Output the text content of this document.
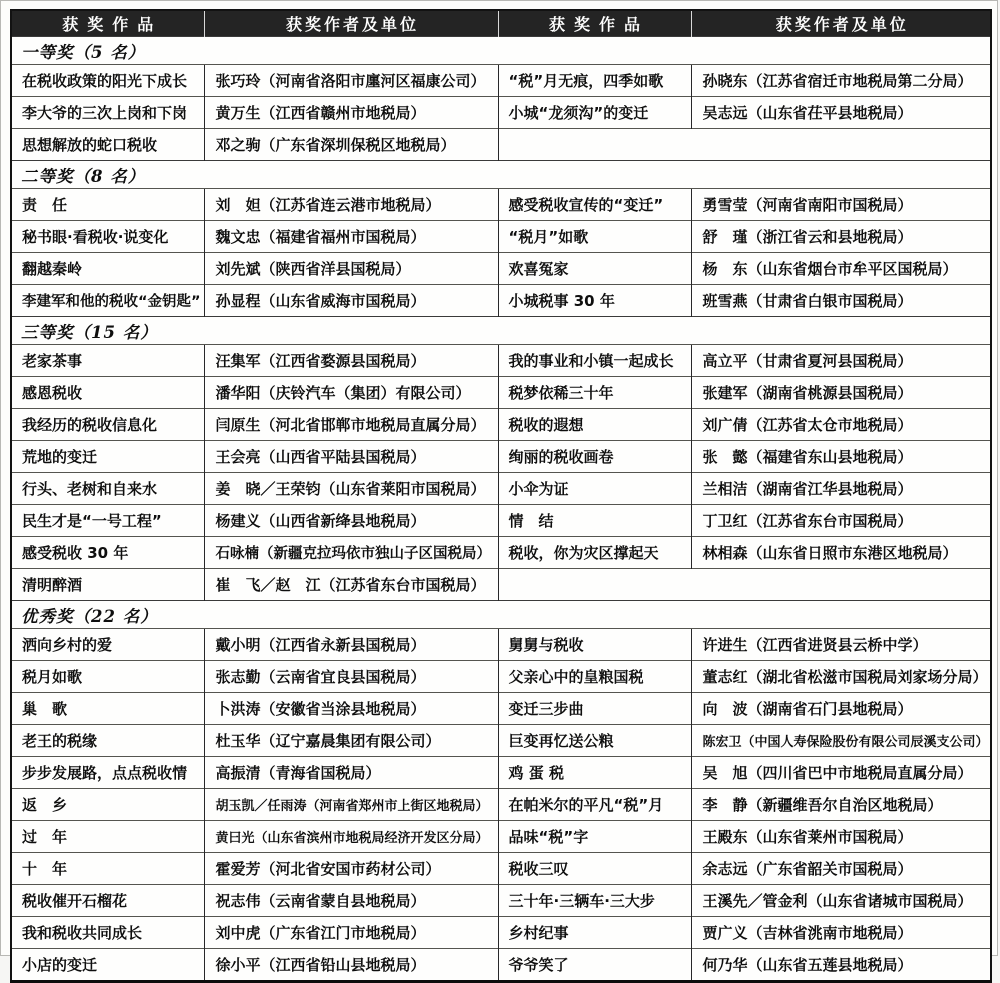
获奖作品	获奖作者及单位	获奖作品	获奖作者及单位
一等奖（5 名）			
在税收政策的阳光下成长	张巧玲（河南省洛阳市廛河区福康公司）	“税”月无痕，四季如歌	孙晓东（江苏省宿迁市地税局第二分局）
李大爷的三次上岗和下岗	黄万生（江西省赣州市地税局）	小城“龙须沟”的变迁	吴志远（山东省茌平县地税局）
思想解放的蛇口税收	邓之驹（广东省深圳保税区地税局）		
二等奖（8 名）			
责　任	刘　妲（江苏省连云港市地税局）	感受税收宣传的“变迁”	勇雪莹（河南省南阳市国税局）
秘书眼·看税收·说变化	魏文忠（福建省福州市国税局）	“税月”如歌	舒　瑾（浙江省云和县地税局）
翻越秦岭	刘先斌（陕西省洋县国税局）	欢喜冤家	杨　东（山东省烟台市牟平区国税局）
李建军和他的税收“金钥匙”	孙显程（山东省威海市国税局）	小城税事 30 年	班雪燕（甘肃省白银市国税局）
三等奖（15 名）			
老家茶事	汪集军（江西省婺源县国税局）	我的事业和小镇一起成长	高立平（甘肃省夏河县国税局）
感恩税收	潘华阳（庆铃汽车（集团）有限公司）	税梦依稀三十年	张建军（湖南省桃源县国税局）
我经历的税收信息化	闫原生（河北省邯郸市地税局直属分局）	税收的遐想	刘广倩（江苏省太仓市地税局）
荒地的变迁	王会亮（山西省平陆县国税局）	绚丽的税收画卷	张　懿（福建省东山县地税局）
行头、老树和自来水	姜　晓／王荣钧（山东省莱阳市国税局）	小伞为证	兰相洁（湖南省江华县地税局）
民生才是“一号工程”	杨建义（山西省新绛县地税局）	情　结	丁卫红（江苏省东台市国税局）
感受税收 30 年	石咏楠（新疆克拉玛依市独山子区国税局）	税收，你为灾区撑起天	林相森（山东省日照市东港区地税局）
清明醉酒	崔　飞／赵　江（江苏省东台市国税局）		
优秀奖（22 名）			
洒向乡村的爱	戴小明（江西省永新县国税局）	舅舅与税收	许进生（江西省进贤县云桥中学）
税月如歌	张志勤（云南省宜良县国税局）	父亲心中的皇粮国税	董志红（湖北省松滋市国税局刘家场分局）
巢　歌	卜洪涛（安徽省当涂县地税局）	变迁三步曲	向　波（湖南省石门县地税局）
老王的税缘	杜玉华（辽宁嘉晨集团有限公司）	巨变再忆送公粮	陈宏卫（中国人寿保险股份有限公司辰溪支公司）
步步发展路，点点税收情	高振清（青海省国税局）	鸡 蛋 税	吴　旭（四川省巴中市地税局直属分局）
返　乡	胡玉凯／任雨涛（河南省郑州市上街区地税局）	在帕米尔的平凡“税”月	李　静（新疆维吾尔自治区地税局）
过　年	黄曰光（山东省滨州市地税局经济开发区分局）	品味“税”字	王殿东（山东省莱州市国税局）
十　年	霍爱芳（河北省安国市药材公司）	税收三叹	余志远（广东省韶关市国税局）
税收催开石榴花	祝志伟（云南省蒙自县地税局）	三十年·三辆车·三大步	王溪先／管金利（山东省诸城市国税局）
我和税收共同成长	刘中虎（广东省江门市地税局）	乡村纪事	贾广义（吉林省洮南市地税局）
小店的变迁	徐小平（江西省铅山县地税局）	爷爷笑了	何乃华（山东省五莲县地税局）
